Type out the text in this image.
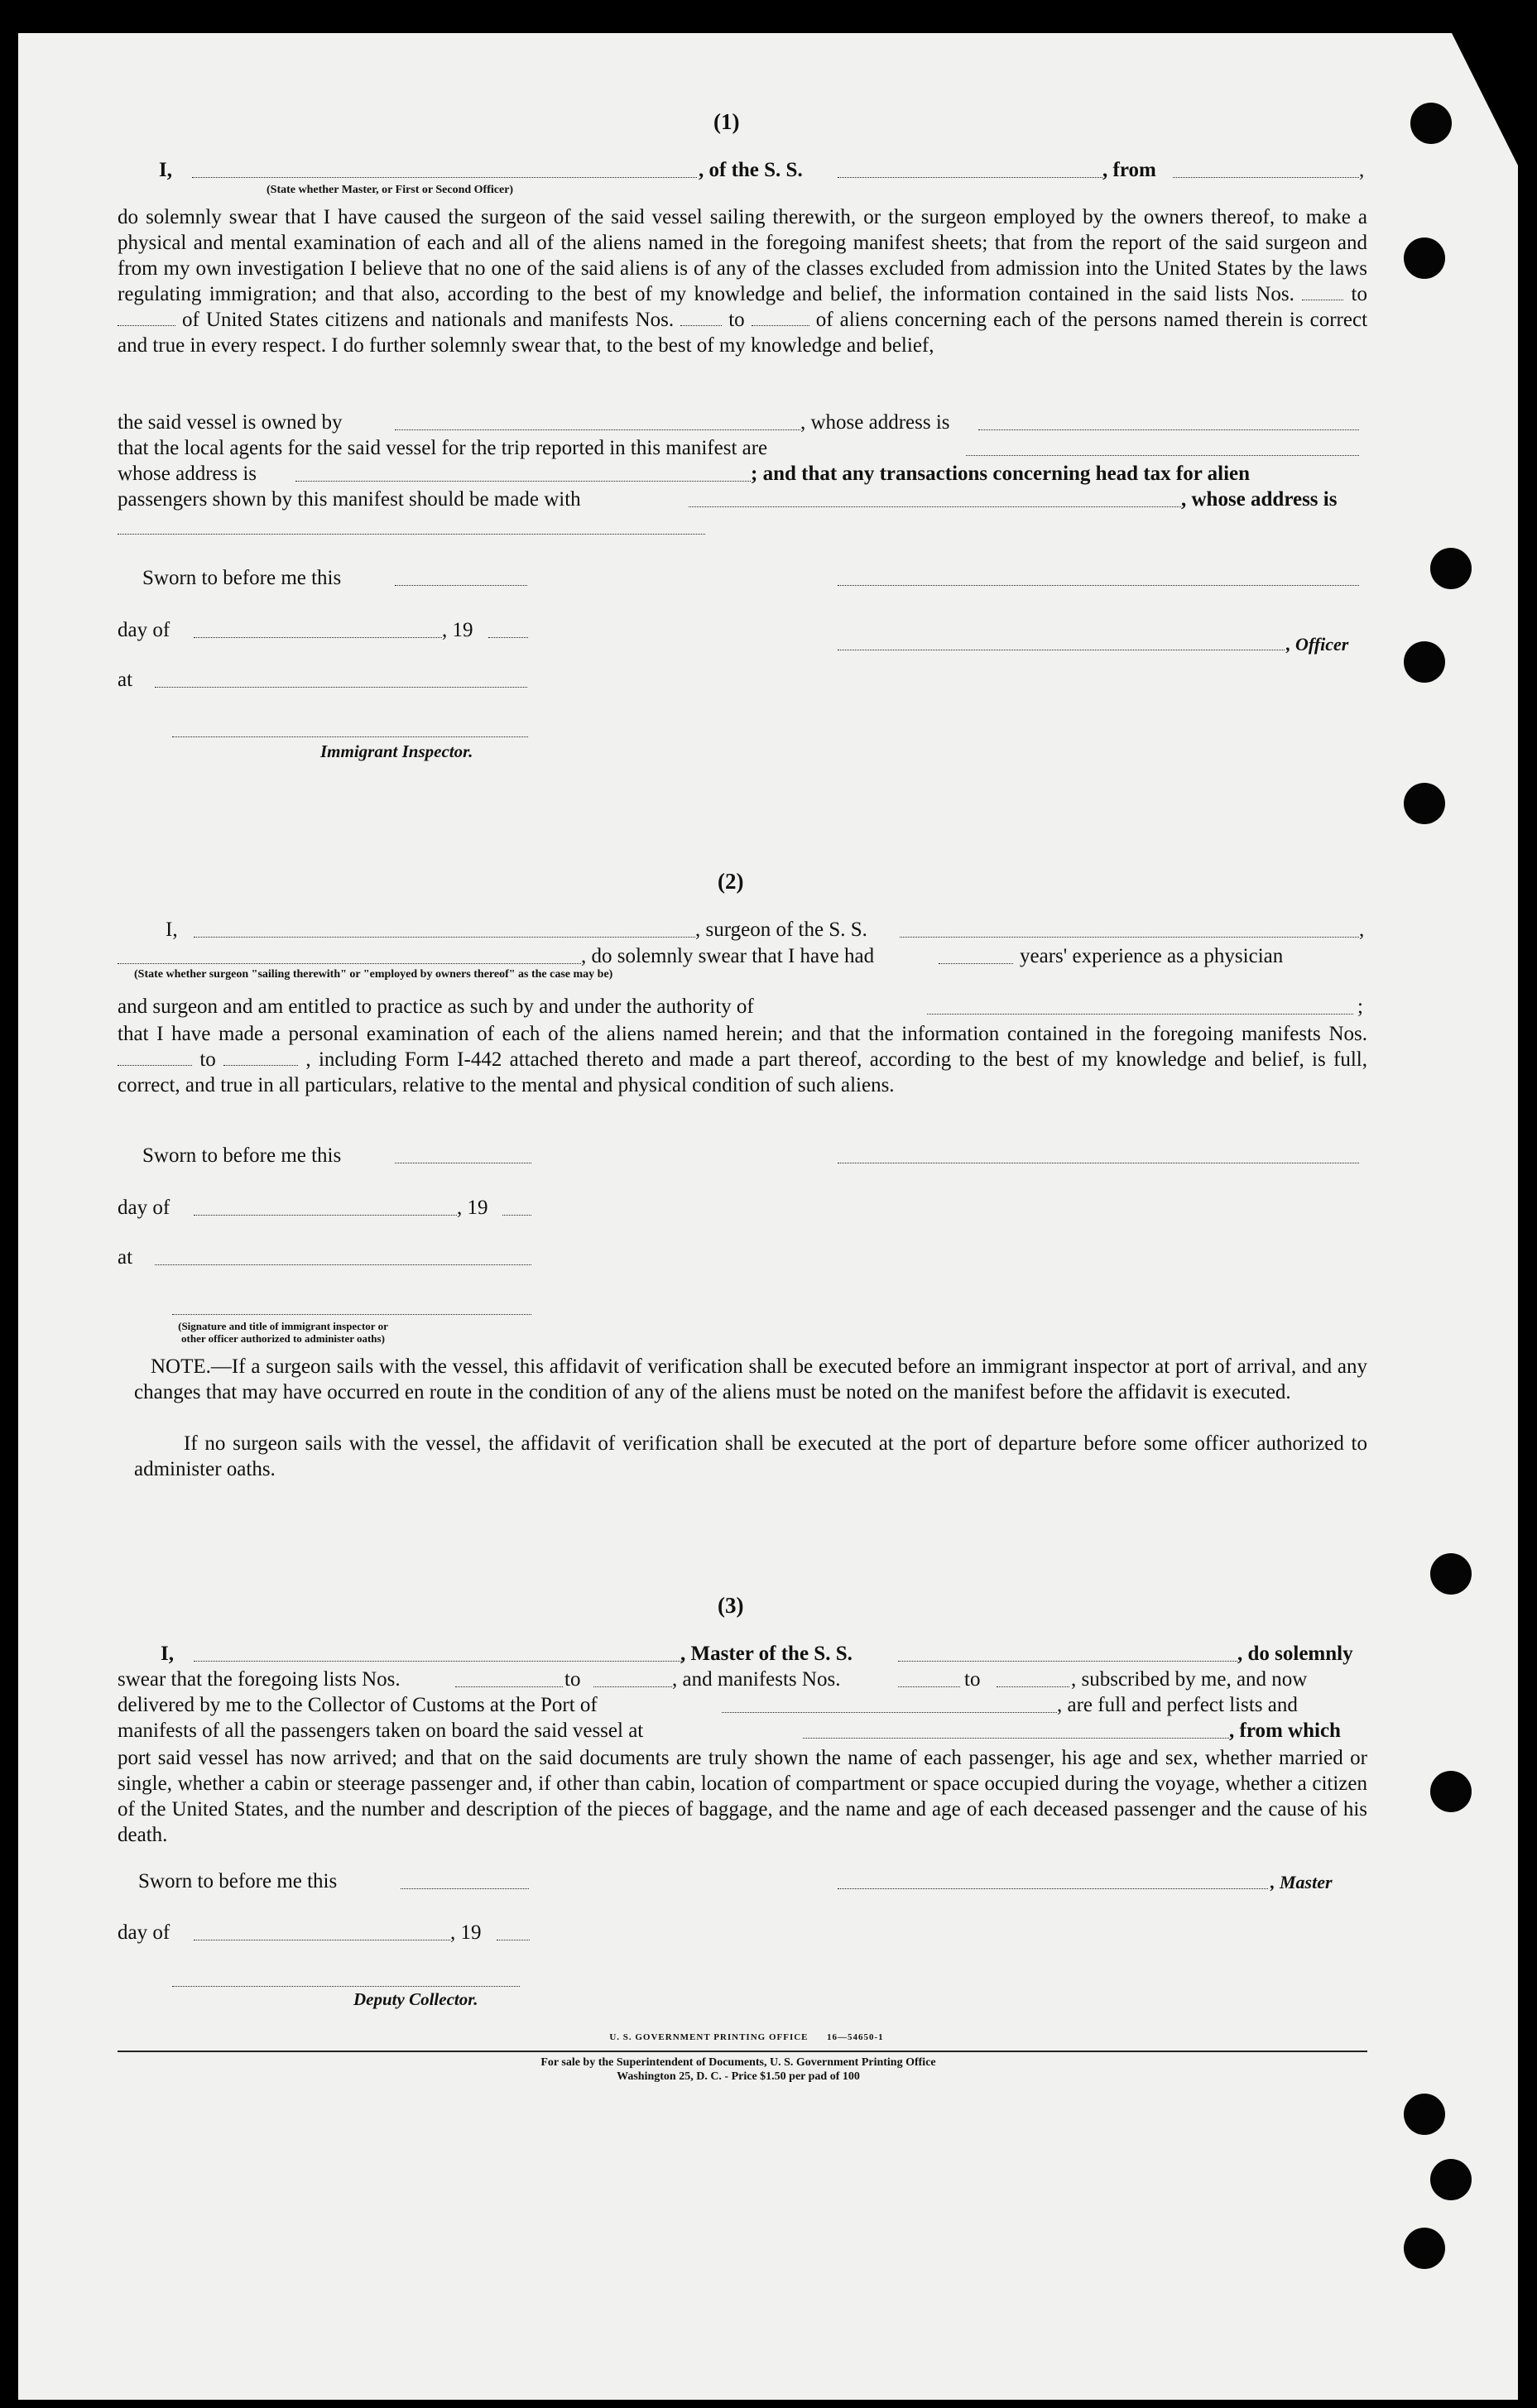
(1)
I,	, of the S. S.	, from	,
(State whether Master, or First or Second Officer)

do solemnly swear that I have caused the surgeon of the said vessel sailing therewith, or the surgeon employed by the owners thereof, to make a physical and mental examination of each and all of the aliens named in the foregoing manifest sheets; that from the report of the said surgeon and from my own investigation I believe that no one of the said aliens is of any of the classes excluded from admission into the United States by the laws regulating immigration; and that also, according to the best of my knowledge and belief, the information contained in the said lists Nos.	to  of United States citizens and nationals and manifests Nos.	to	of aliens concerning each of the persons named therein is correct and true in every respect. I do further solemnly swear that, to the best of my knowledge and belief,

the said vessel is owned by	, whose address is
that the local agents for the said vessel for the trip reported in this manifest are
whose address is	; and that any transactions concerning head tax for alien
passengers shown by this manifest should be made with	, whose address is
Sworn to before me this
day of	, 19
, Officer
at
Immigrant Inspector.
(2)
I,	, surgeon of the S. S.	,
, do solemnly swear that I have had	years' experience as a physician
(State whether surgeon "sailing therewith" or "employed by owners thereof" as the case may be)
and surgeon and am entitled to practice as such by and under the authority of	;

that I have made a personal examination of each of the aliens named herein; and that the information contained in the foregoing manifests Nos.  to	, including Form I-442 attached thereto and made a part thereof, according to the best of my knowledge and belief, is full, correct, and true in all particulars, relative to the mental and physical condition of such aliens.

Sworn to before me this
day of	, 19
at
(Signature and title of immigrant inspector or other officer authorized to administer oaths)
NOTE.—If a surgeon sails with the vessel, this affidavit of verification shall be executed before an immigrant inspector at port of arrival, and any changes that may have occurred en route in the condition of any of the aliens must be noted on the manifest before the affidavit is executed.
If no surgeon sails with the vessel, the affidavit of verification shall be executed at the port of departure before some officer authorized to administer oaths.
(3)
I,	, Master of the S. S.	, do solemnly
swear that the foregoing lists Nos.	to	, and manifests Nos.	to	, subscribed by me, and now
delivered by me to the Collector of Customs at the Port of	, are full and perfect lists and
manifests of all the passengers taken on board the said vessel at	, from which

port said vessel has now arrived; and that on the said documents are truly shown the name of each passenger, his age and sex, whether married or single, whether a cabin or steerage passenger and, if other than cabin, location of compartment or space occupied during the voyage, whether a citizen of the United States, and the number and description of the pieces of baggage, and the name and age of each deceased passenger and the cause of his death.

Sworn to before me this	, Master
day of	, 19
Deputy Collector.
U. S. GOVERNMENT PRINTING OFFICE      16—54650-1
For sale by the Superintendent of Documents, U. S. Government Printing Office
Washington 25, D. C. - Price $1.50 per pad of 100
